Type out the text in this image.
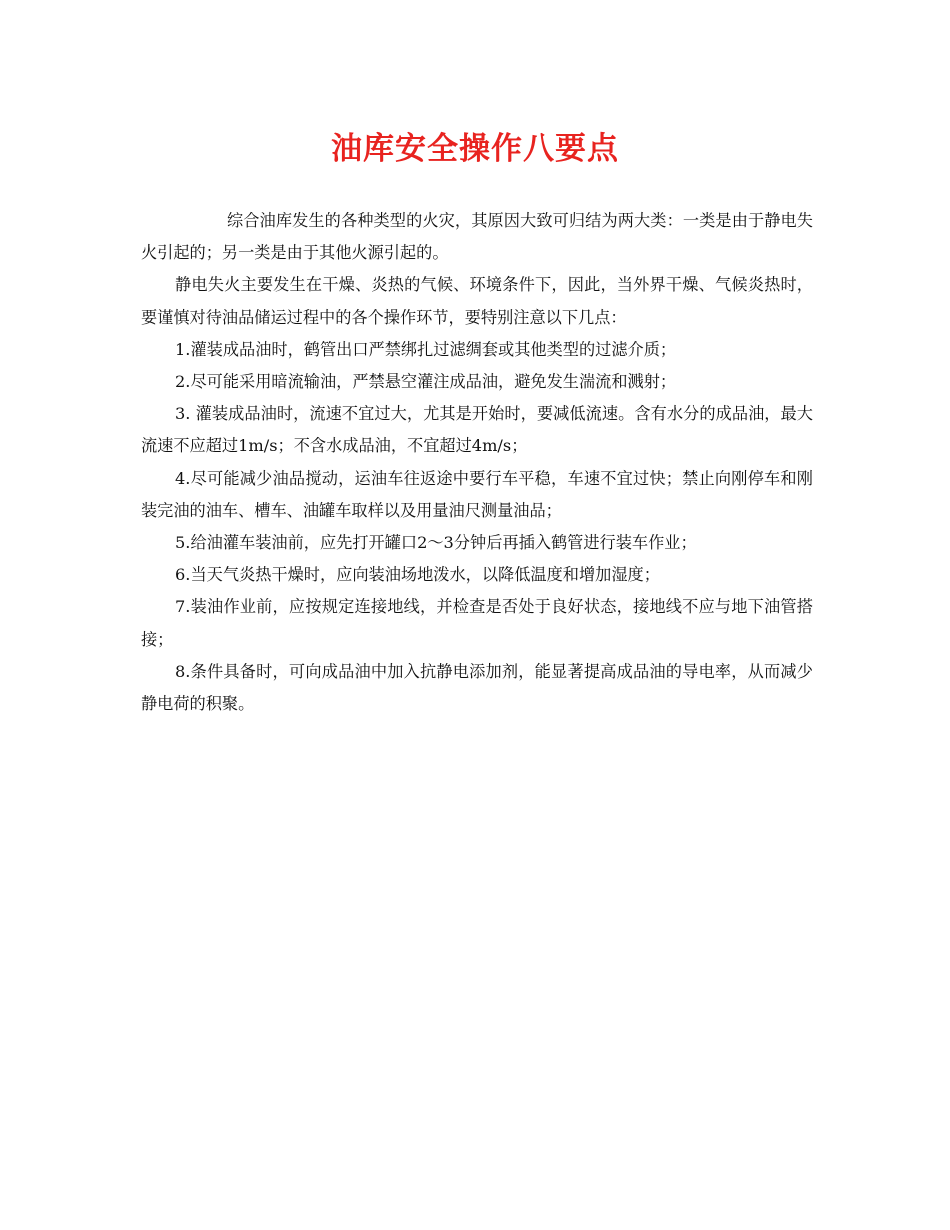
油库安全操作八要点

综合油库发生的各种类型的火灾，其原因大致可归结为两大类：一类是由于静电失火引起的；另一类是由于其他火源引起的。

静电失火主要发生在干燥、炎热的气候、环境条件下，因此，当外界干燥、气候炎热时，要谨慎对待油品储运过程中的各个操作环节，要特别注意以下几点：

1.灌装成品油时，鹤管出口严禁绑扎过滤绸套或其他类型的过滤介质；

2.尽可能采用暗流输油，严禁悬空灌注成品油，避免发生湍流和溅射；

3. 灌装成品油时，流速不宜过大，尤其是开始时，要减低流速。含有水分的成品油，最大流速不应超过1m/s；不含水成品油，不宜超过4m/s；

4.尽可能减少油品搅动，运油车往返途中要行车平稳，车速不宜过快；禁止向刚停车和刚装完油的油车、槽车、油罐车取样以及用量油尺测量油品；

5.给油灌车装油前，应先打开罐口2～3分钟后再插入鹤管进行装车作业；

6.当天气炎热干燥时，应向装油场地泼水，以降低温度和增加湿度；

7.装油作业前，应按规定连接地线，并检查是否处于良好状态，接地线不应与地下油管搭接；

8.条件具备时，可向成品油中加入抗静电添加剂，能显著提高成品油的导电率，从而减少静电荷的积聚。
